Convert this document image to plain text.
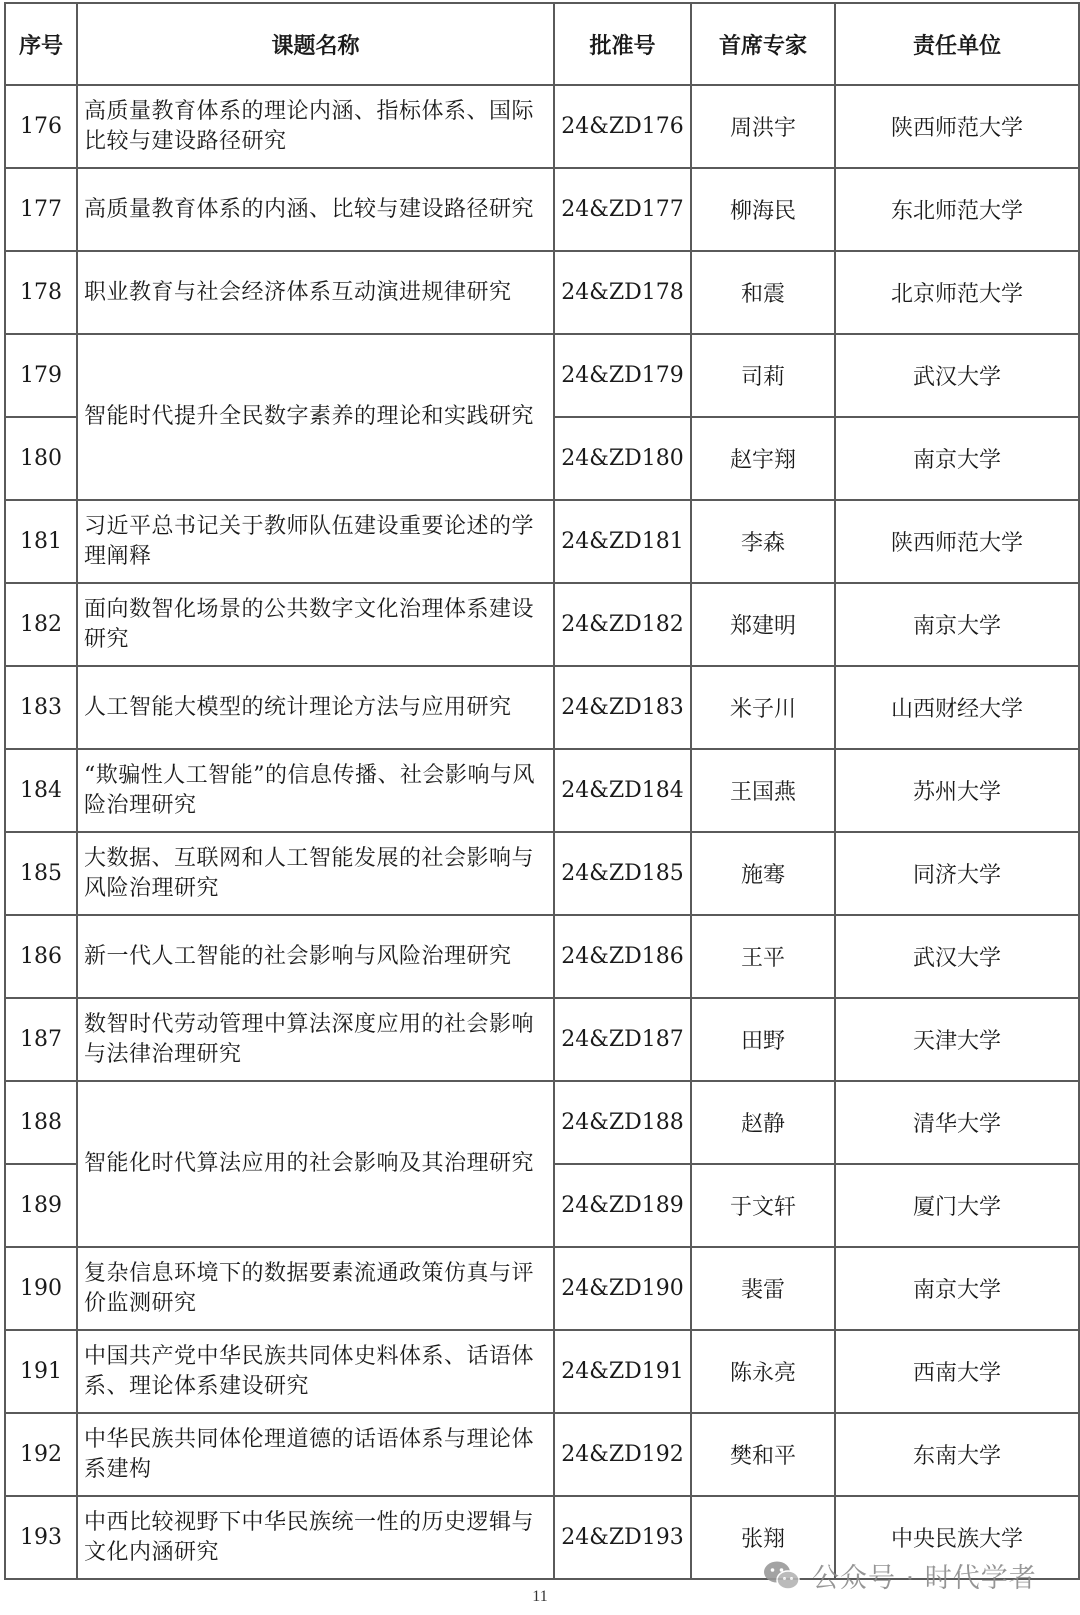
序号	课题名称	批准号	首席专家	责任单位
176	高质量教育体系的理论内涵、指标体系、国际比较与建设路径研究	24&ZD176	周洪宇	陕西师范大学
177	高质量教育体系的内涵、比较与建设路径研究	24&ZD177	柳海民	东北师范大学
178	职业教育与社会经济体系互动演进规律研究	24&ZD178	和震	北京师范大学
179	智能时代提升全民数字素养的理论和实践研究	24&ZD179	司莉	武汉大学
180		24&ZD180	赵宇翔	南京大学
181	习近平总书记关于教师队伍建设重要论述的学理阐释	24&ZD181	李森	陕西师范大学
182	面向数智化场景的公共数字文化治理体系建设研究	24&ZD182	郑建明	南京大学
183	人工智能大模型的统计理论方法与应用研究	24&ZD183	米子川	山西财经大学
184	“欺骗性人工智能”的信息传播、社会影响与风险治理研究	24&ZD184	王国燕	苏州大学
185	大数据、互联网和人工智能发展的社会影响与风险治理研究	24&ZD185	施骞	同济大学
186	新一代人工智能的社会影响与风险治理研究	24&ZD186	王平	武汉大学
187	数智时代劳动管理中算法深度应用的社会影响与法律治理研究	24&ZD187	田野	天津大学
188	智能化时代算法应用的社会影响及其治理研究	24&ZD188	赵静	清华大学
189		24&ZD189	于文轩	厦门大学
190	复杂信息环境下的数据要素流通政策仿真与评价监测研究	24&ZD190	裴雷	南京大学
191	中国共产党中华民族共同体史料体系、话语体系、理论体系建设研究	24&ZD191	陈永亮	西南大学
192	中华民族共同体伦理道德的话语体系与理论体系建构	24&ZD192	樊和平	东南大学
193	中西比较视野下中华民族统一性的历史逻辑与文化内涵研究	24&ZD193	张翔	中央民族大学
11
公众号 · 时代学者
